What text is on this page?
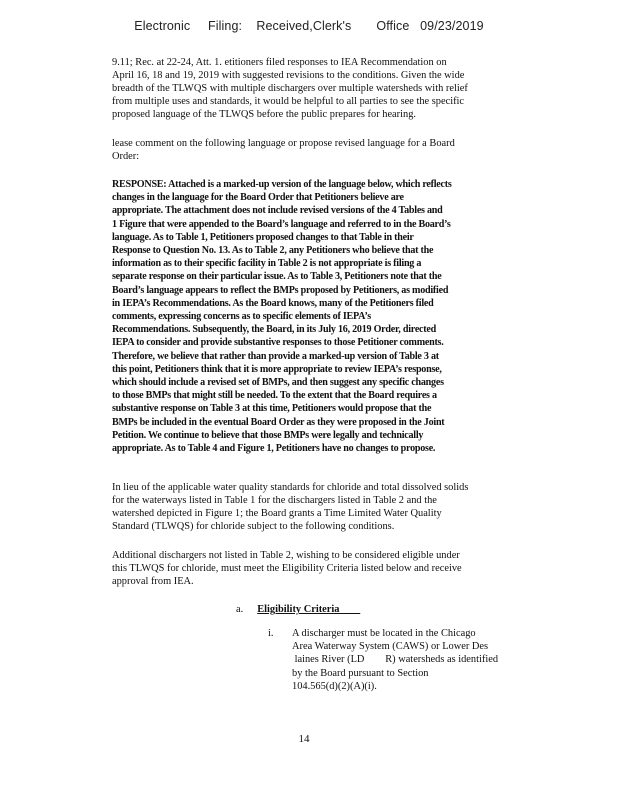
Electronic     Filing:    Received,Clerk's       Office   09/23/2019
9.11; Rec. at 22-24, Att. 1. etitioners filed responses to IEA Recommendation on
April 16, 18 and 19, 2019 with suggested revisions to the conditions. Given the wide
breadth of the TLWQS with multiple dischargers over multiple watersheds with relief
from multiple uses and standards, it would be helpful to all parties to see the specific
proposed language of the TLWQS before the public prepares for hearing.
lease comment on the following language or propose revised language for a Board
Order:
RESPONSE: Attached is a marked-up version of the language below, which reflects
changes in the language for the Board Order that Petitioners believe are
appropriate. The attachment does not include revised versions of the 4 Tables and
1 Figure that were appended to the Board’s language and referred to in the Board’s
language. As to Table 1, Petitioners proposed changes to that Table in their
Response to Question No. 13. As to Table 2, any Petitioners who believe that the
information as to their specific facility in Table 2 is not appropriate is filing a
separate response on their particular issue. As to Table 3, Petitioners note that the
Board’s language appears to reflect the BMPs proposed by Petitioners, as modified
in IEPA’s Recommendations. As the Board knows, many of the Petitioners filed
comments, expressing concerns as to specific elements of IEPA’s
Recommendations. Subsequently, the Board, in its July 16, 2019 Order, directed
IEPA to consider and provide substantive responses to those Petitioner comments.
Therefore, we believe that rather than provide a marked-up version of Table 3 at
this point, Petitioners think that it is more appropriate to review IEPA’s response,
which should include a revised set of BMPs, and then suggest any specific changes
to those BMPs that might still be needed. To the extent that the Board requires a
substantive response on Table 3 at this time, Petitioners would propose that the
BMPs be included in the eventual Board Order as they were proposed in the Joint
Petition. We continue to believe that those BMPs were legally and technically
appropriate. As to Table 4 and Figure 1, Petitioners have no changes to propose.
In lieu of the applicable water quality standards for chloride and total dissolved solids
for the waterways listed in Table 1 for the dischargers listed in Table 2 and the
watershed depicted in Figure 1; the Board grants a Time Limited Water Quality
Standard (TLWQS) for chloride subject to the following conditions.
Additional dischargers not listed in Table 2, wishing to be considered eligible under
this TLWQS for chloride, must meet the Eligibility Criteria listed below and receive
approval from IEA.
a. Eligibility Criteria
i. A discharger must be located in the Chicago
Area Waterway System (CAWS) or Lower Des
laines River (LD        R) watersheds as identified
by the Board pursuant to Section
104.565(d)(2)(A)(i).
14
